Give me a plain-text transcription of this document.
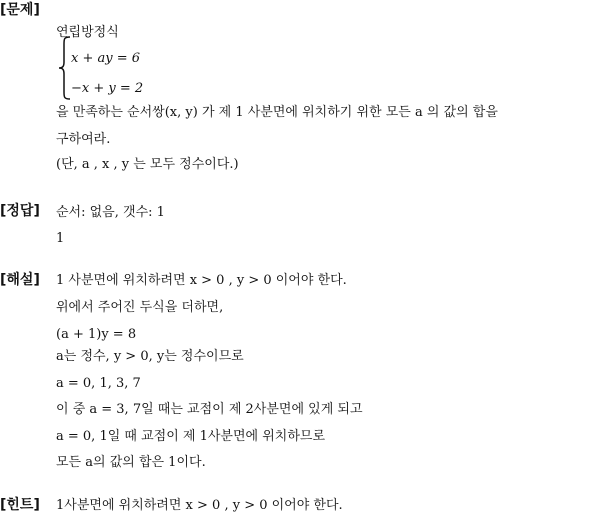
[문제]
연립방정식
x + ay = 6
−x + y = 2
을 만족하는 순서쌍(x, y) 가 제 1 사분면에 위치하기 위한 모든 a 의 값의 합을
구하여라.
(단, a , x , y 는 모두 정수이다.)
[정답] 순서: 없음, 갯수: 1
1
[해설] 1 사분면에 위치하려면 x > 0 , y > 0 이어야 한다.
위에서 주어진 두식을 더하면,
(a + 1)y = 8
a는 정수, y > 0, y는 정수이므로
a = 0, 1, 3, 7
이 중 a = 3, 7일 때는 교점이 제 2사분면에 있게 되고
a = 0, 1일 때 교점이 제 1사분면에 위치하므로
모든 a의 값의 합은 1이다.
[힌트] 1사분면에 위치하려면 x > 0 , y > 0 이어야 한다.
